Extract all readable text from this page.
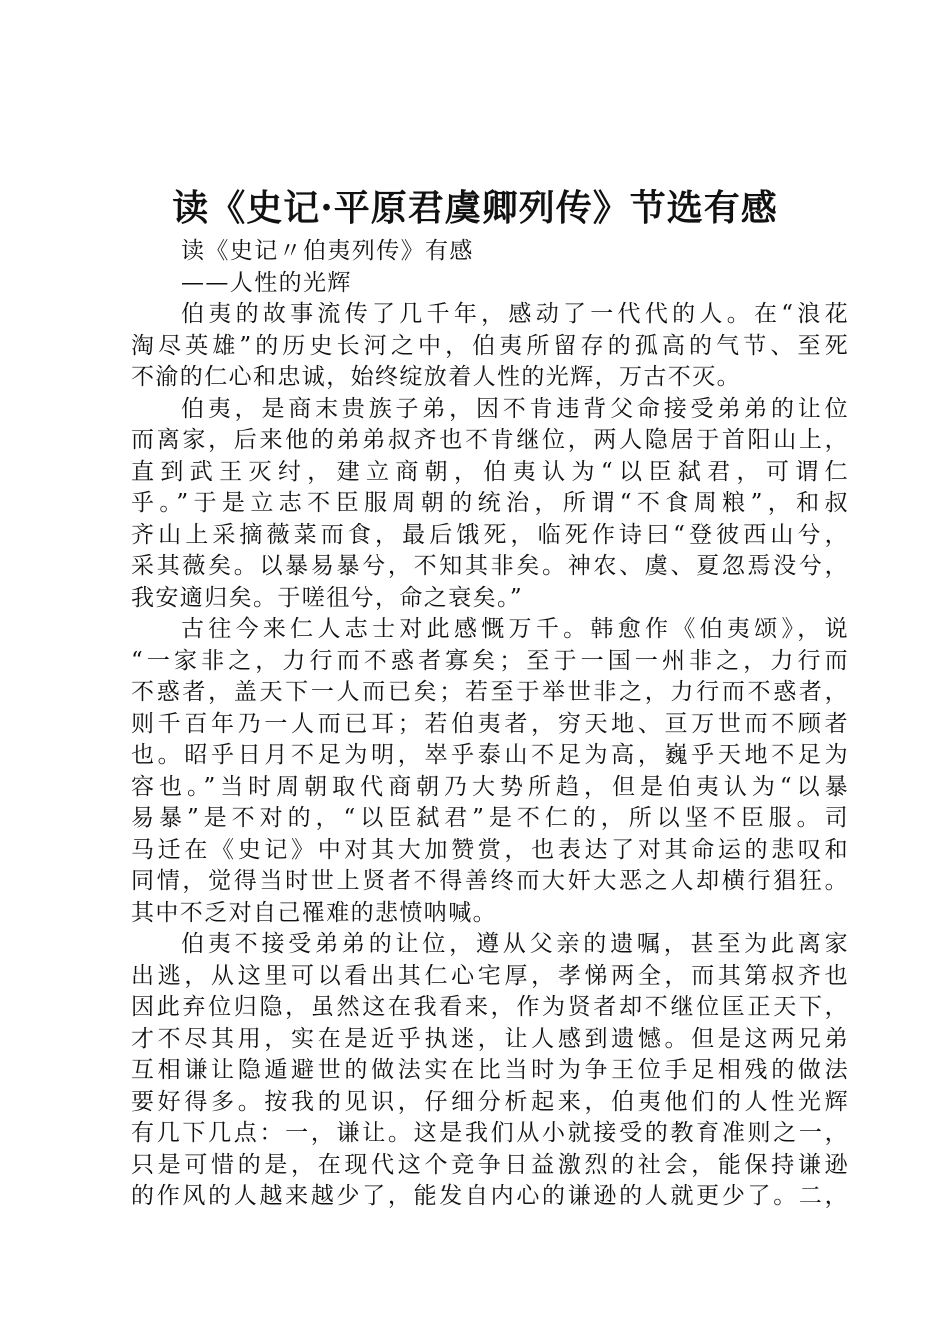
读《史记·平原君虞卿列传》节选有感

读《史记〃伯夷列传》有感

——人性的光辉

伯夷的故事流传了几千年，感动了一代代的人。在“浪花

淘尽英雄”的历史长河之中，伯夷所留存的孤高的气节、至死

不渝的仁心和忠诚，始终绽放着人性的光辉，万古不灭。

伯夷，是商末贵族子弟，因不肯违背父命接受弟弟的让位

而离家，后来他的弟弟叔齐也不肯继位，两人隐居于首阳山上，

直到武王灭纣，建立商朝，伯夷认为“以臣弑君，可谓仁

乎。”于是立志不臣服周朝的统治，所谓“不食周粮”，和叔

齐山上采摘薇菜而食，最后饿死，临死作诗曰“登彼西山兮，

采其薇矣。以暴易暴兮，不知其非矣。神农、虞、夏忽焉没兮，

我安適归矣。于嗟徂兮，命之衰矣。”

古往今来仁人志士对此感慨万千。韩愈作《伯夷颂》，说

“一家非之，力行而不惑者寡矣；至于一国一州非之，力行而

不惑者，盖天下一人而已矣；若至于举世非之，力行而不惑者，

则千百年乃一人而已耳；若伯夷者，穷天地、亘万世而不顾者

也。昭乎日月不足为明，崒乎泰山不足为高，巍乎天地不足为

容也。”当时周朝取代商朝乃大势所趋，但是伯夷认为“以暴

易暴”是不对的，“以臣弑君”是不仁的，所以坚不臣服。司

马迁在《史记》中对其大加赞赏，也表达了对其命运的悲叹和

同情，觉得当时世上贤者不得善终而大奸大恶之人却横行猖狂。

其中不乏对自己罹难的悲愤呐喊。

伯夷不接受弟弟的让位，遵从父亲的遗嘱，甚至为此离家

出逃，从这里可以看出其仁心宅厚，孝悌两全，而其第叔齐也

因此弃位归隐，虽然这在我看来，作为贤者却不继位匡正天下，

才不尽其用，实在是近乎执迷，让人感到遗憾。但是这两兄弟

互相谦让隐遁避世的做法实在比当时为争王位手足相残的做法

要好得多。按我的见识，仔细分析起来，伯夷他们的人性光辉

有几下几点：一，谦让。这是我们从小就接受的教育准则之一，

只是可惜的是，在现代这个竞争日益激烈的社会，能保持谦逊

的作风的人越来越少了，能发自内心的谦逊的人就更少了。二，
